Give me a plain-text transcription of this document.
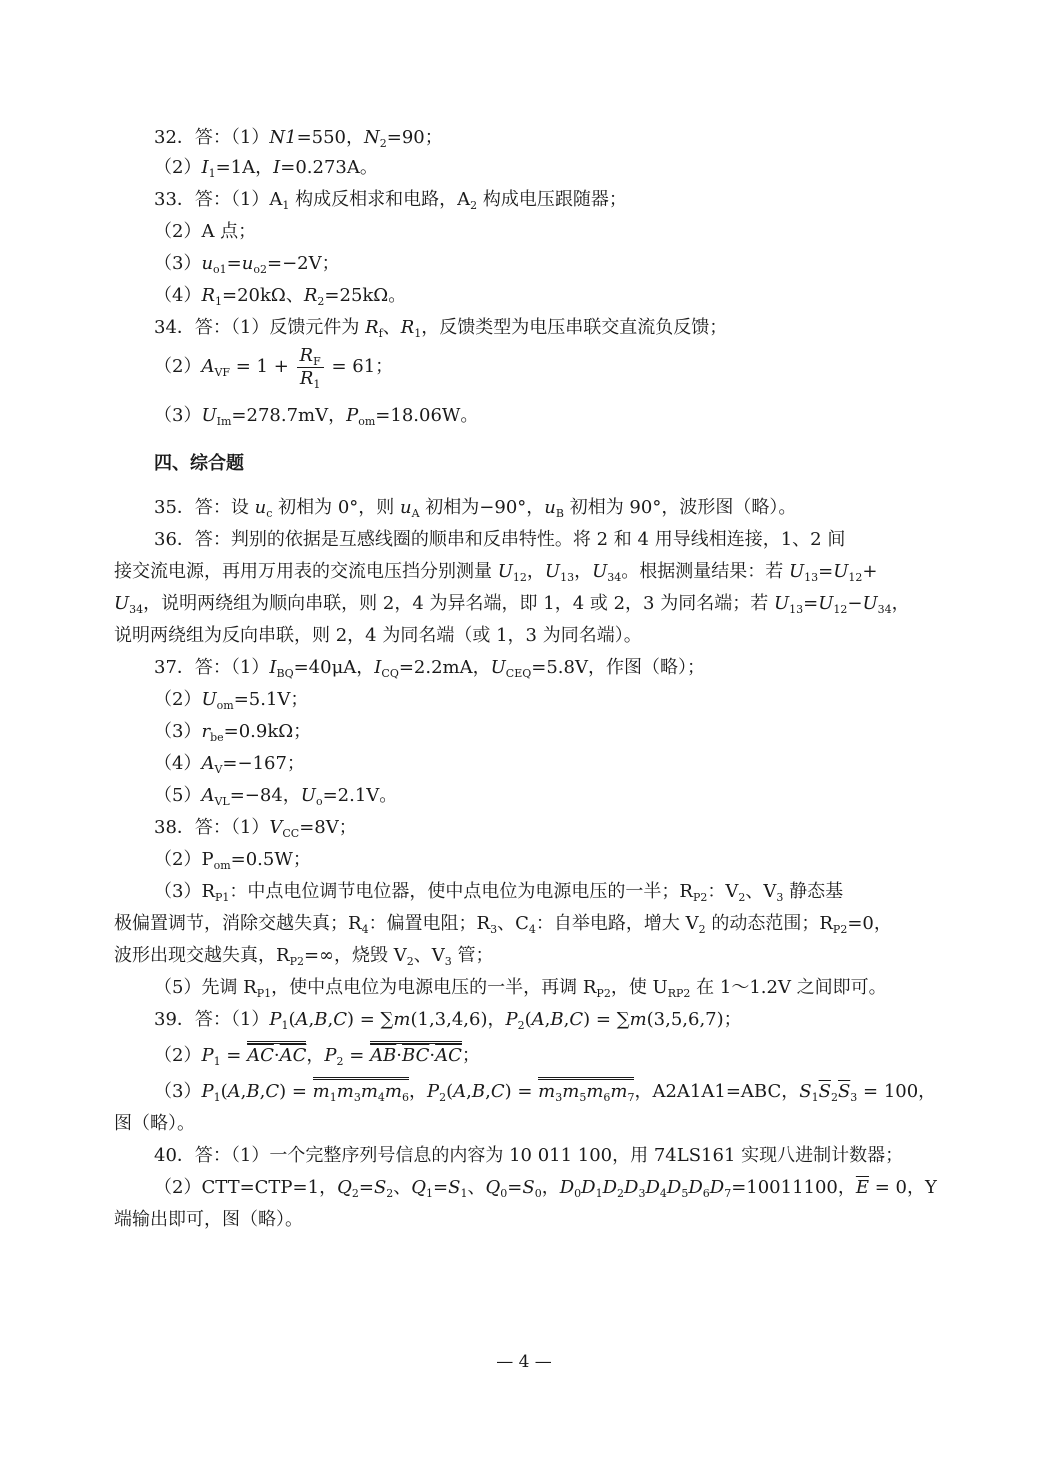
32．答：（1）N1=550，$N_2=90$；
$(2)I_1=1A$，I=0.273A。
33．答：$(1)A_1$ 构成反相求和电路，$A_2$ 构成电压跟随器；
（2）A 点；
$(3)u_{o1}=u_{o2}=-2V$；
$(4)R_1=20k\Omega$、$R_2=25k\Omega$。
34．答：（1）反馈元件为 $R_f$、$R_1$，反馈类型为电压串联交直流负反馈；
$(2)A_{VF} = 1 + \frac{R_F}{R_1} = 61$；
$(3)U_{Im}=278.7mV$，$P_{om}=18.06W$。
四、综合题
35．答：设 $u_c$ 初相为 0°，则 $u_A$ 初相为−90°，$u_B$ 初相为 90°，波形图（略）。
36．答：判别的依据是互感线圈的顺串和反串特性。将 2 和 4 用导线相连接，1、2 间
接交流电源，再用万用表的交流电压挡分别测量 $U_{12}$，$U_{13}$，$U_{34}$。根据测量结果：若 $U_{13}=U_{12}+$
$U_{34}$，说明两绕组为顺向串联，则 2，4 为异名端，即 1，4 或 2，3 为同名端；若 $U_{13}=U_{12}-U_{34}$，
说明两绕组为反向串联，则 2，4 为同名端（或 1，3 为同名端）。
37．答：$(1)I_{BQ}=40\mu A$，$I_{CQ}=2.2mA$，$U_{CEQ}=5.8V$，作图（略）；
$(2)U_{om}=5.1V$；
$(3)r_{be}=0.9k\Omega$；
$(4)A_V=-167$；
$(5)A_{VL}=-84$，$U_o=2.1V$。
38．答：$(1)V_{CC}=8V$；
$(2)P_{om}=0.5W$；
$(3)R_{P1}$：中点电位调节电位器，使中点电位为电源电压的一半；$R_{P2}$：$V_2$、$V_3$ 静态基
极偏置调节，消除交越失真；$R_4$：偏置电阻；$R_3$、$C_4$：自举电路，增大 $V_2$ 的动态范围；$R_{P2}=0$，
波形出现交越失真，$R_{P2}=\infty$，烧毁 $V_2$、$V_3$ 管；
（5）先调 $R_{P1}$，使中点电位为电源电压的一半，再调 $R_{P2}$，使 $U_{RP2}$ 在 1～1.2V 之间即可。
39．答：$(1)P_1(A,B,C) = \sum m(1,3,4,6)$，$P_2(A,B,C) = \sum m(3,5,6,7)$；
$(2)P_1 = \overline{AC}\cdot\overline{AC}$，$P_2 = \overline{AB}\cdot\overline{BC}\cdot\overline{AC}$；
$(3)P_1(A,B,C) = m_1m_3m_4m_6$，$P_2(A,B,C) = m_3m_5m_6m_7$，A2A1A1=ABC，$S_1\overline{S}_2\overline{S}_3 = 100$，
图（略）。
40．答：（1）一个完整序列号信息的内容为 10 011 100，用 74LS161 实现八进制计数器；
（2）CTT=CTP=1，$Q_2=S_2$、$Q_1=S_1$、$Q_0=S_0$，$D_0D_1D_2D_3D_4D_5D_6D_7=10011100$，$\overline{E} = 0$，Y
端输出即可，图（略）。
— 4 —
